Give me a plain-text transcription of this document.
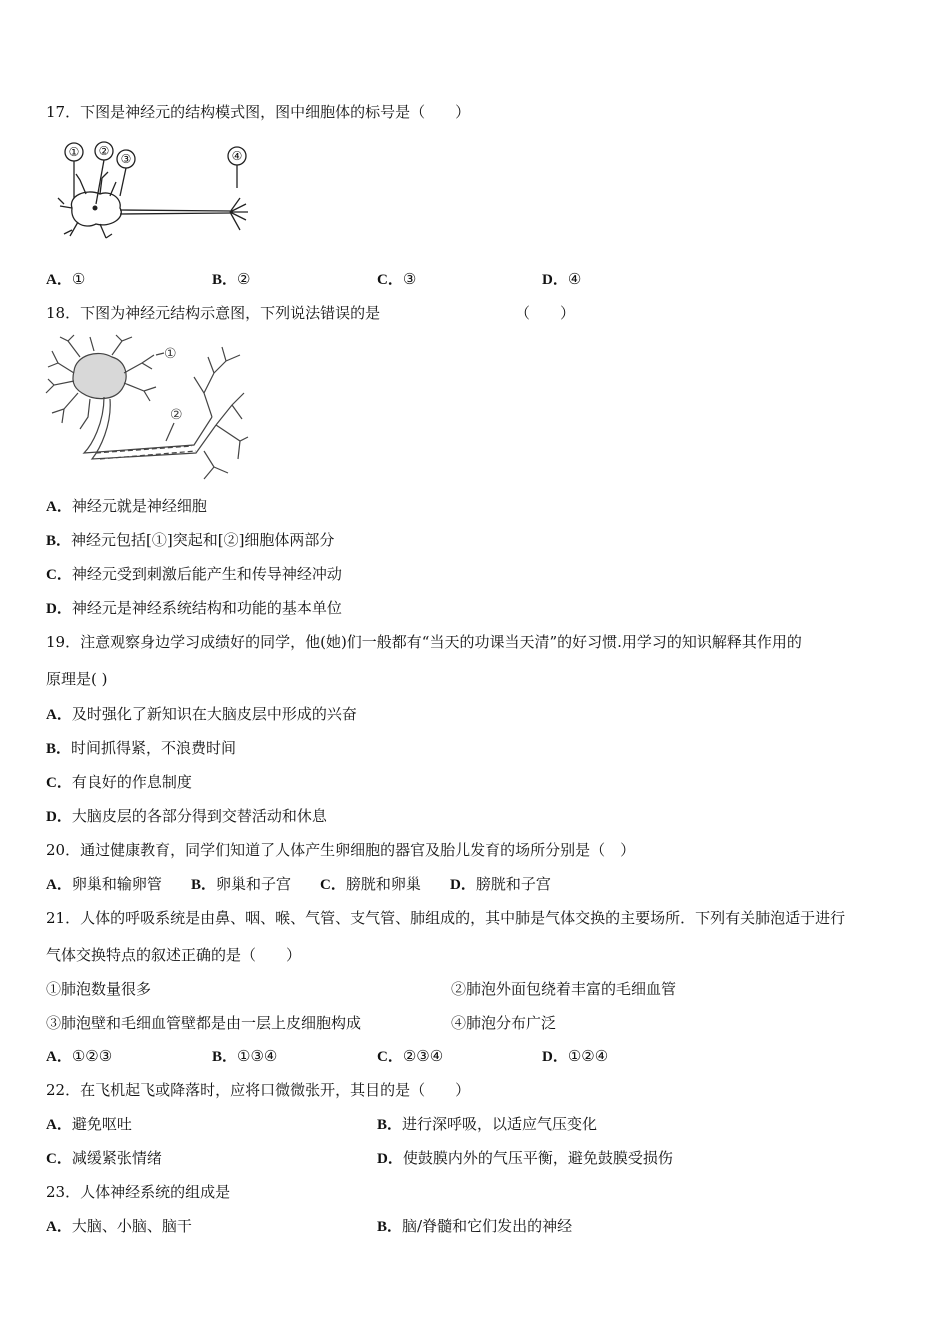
17．下图是神经元的结构模式图，图中细胞体的标号是（　　）
① ②
③	④
A．①	B．②	C．③	D．④
18．下图为神经元结构示意图，下列说法错误的是	（　　）
①
②
A．神经元就是神经细胞
B．神经元包括[①]突起和[②]细胞体两部分
C．神经元受到刺激后能产生和传导神经冲动
D．神经元是神经系统结构和功能的基本单位
19．注意观察身边学习成绩好的同学，他(她)们一般都有“当天的功课当天清”的好习惯.用学习的知识解释其作用的
原理是( )
A．及时强化了新知识在大脑皮层中形成的兴奋
B．时间抓得紧，不浪费时间
C．有良好的作息制度
D．大脑皮层的各部分得到交替活动和休息
20．通过健康教育，同学们知道了人体产生卵细胞的器官及胎儿发育的场所分别是（　）
A．卵巢和输卵管 B．卵巢和子宫 C．膀胱和卵巢 D．膀胱和子宫
21．人体的呼吸系统是由鼻、咽、喉、气管、支气管、肺组成的，其中肺是气体交换的主要场所．下列有关肺泡适于进行
气体交换特点的叙述正确的是（　　）
①肺泡数量很多	②肺泡外面包绕着丰富的毛细血管
③肺泡壁和毛细血管壁都是由一层上皮细胞构成	④肺泡分布广泛
A．①②③	B．①③④	C．②③④	D．①②④
22．在飞机起飞或降落时，应将口微微张开，其目的是（　　）
A．避免呕吐	B．进行深呼吸，以适应气压变化
C．减缓紧张情绪	D．使鼓膜内外的气压平衡，避免鼓膜受损伤
23．人体神经系统的组成是
A．大脑、小脑、脑干	B．脑/脊髓和它们发出的神经
